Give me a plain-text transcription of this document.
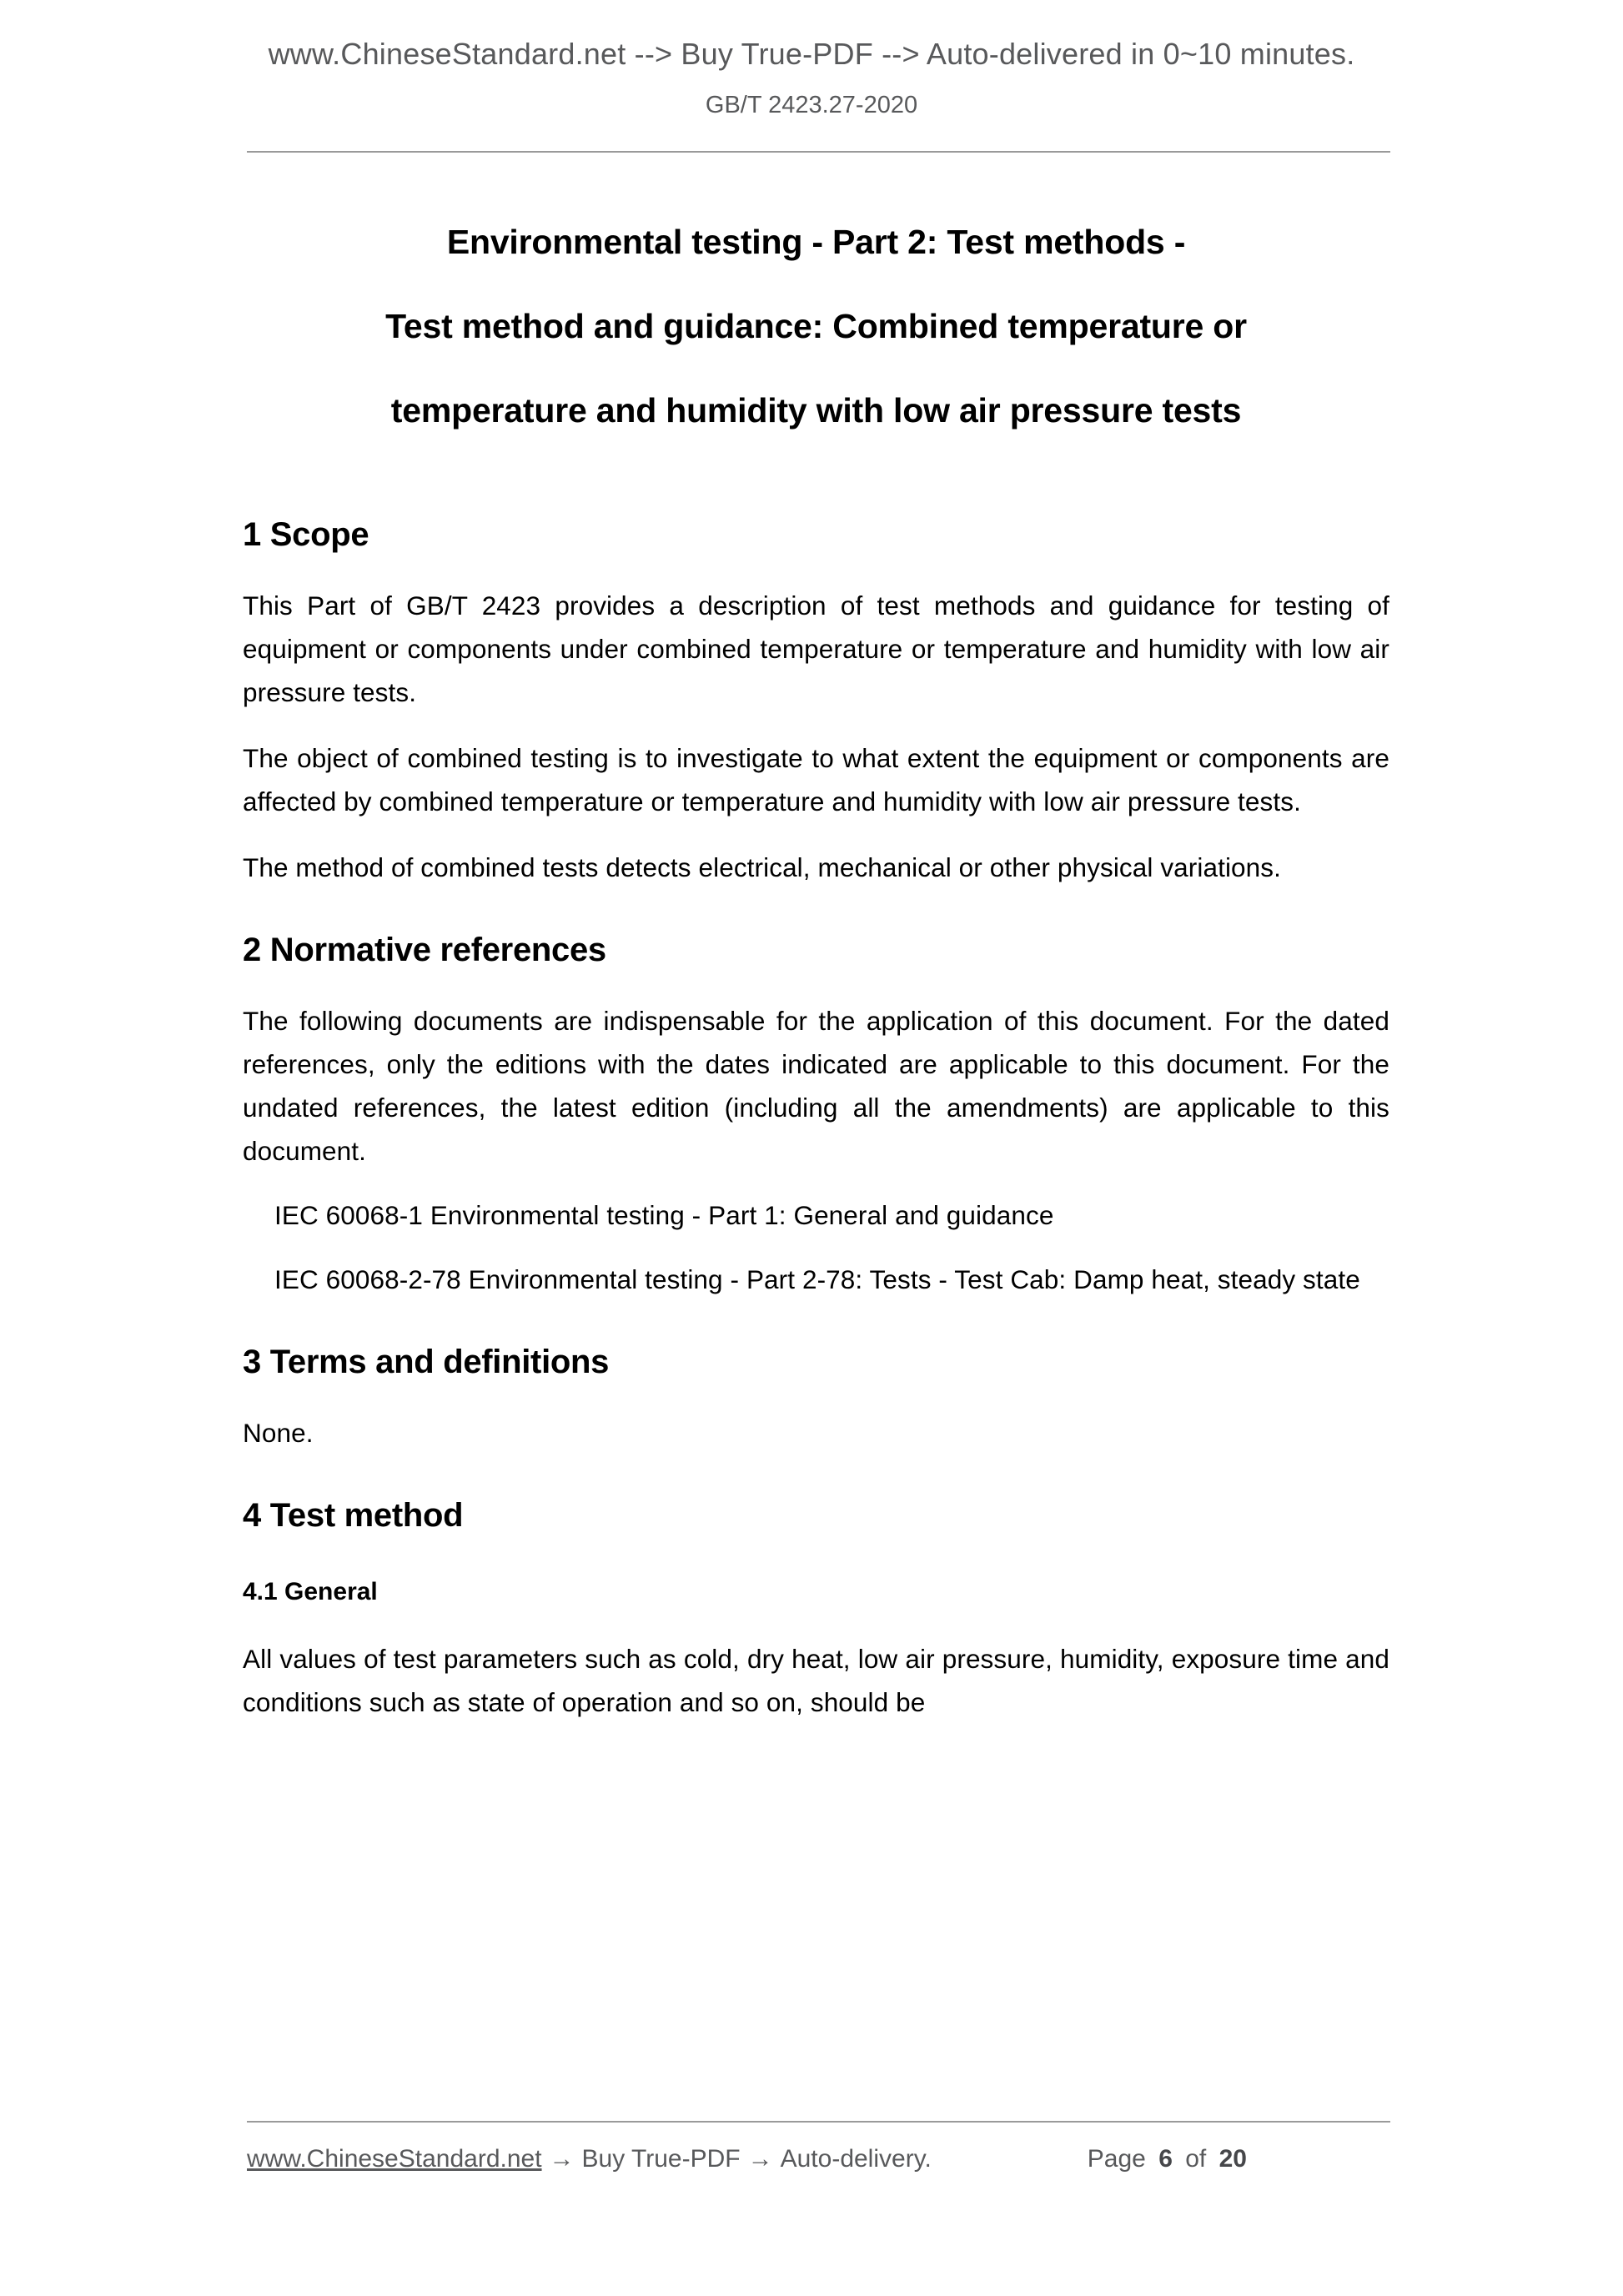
www.ChineseStandard.net --> Buy True-PDF --> Auto-delivered in 0~10 minutes.
GB/T 2423.27-2020
Environmental testing - Part 2: Test methods -
Test method and guidance: Combined temperature or
temperature and humidity with low air pressure tests
1 Scope

This Part of GB/T 2423 provides a description of test methods and guidance for testing of equipment or components under combined temperature or temperature and humidity with low air pressure tests.

The object of combined testing is to investigate to what extent the equipment or components are affected by combined temperature or temperature and humidity with low air pressure tests.

The method of combined tests detects electrical, mechanical or other physical variations.

2 Normative references

The following documents are indispensable for the application of this document. For the dated references, only the editions with the dates indicated are applicable to this document. For the undated references, the latest edition (including all the amendments) are applicable to this document.

IEC 60068-1 Environmental testing - Part 1: General and guidance

IEC 60068-2-78 Environmental testing - Part 2-78: Tests - Test Cab: Damp heat, steady state

3 Terms and definitions

None.

4 Test method
4.1 General

All values of test parameters such as cold, dry heat, low air pressure, humidity, exposure time and conditions such as state of operation and so on, should be

www.ChineseStandard.net → Buy True-PDF → Auto-delivery.	Page 6 of 20
